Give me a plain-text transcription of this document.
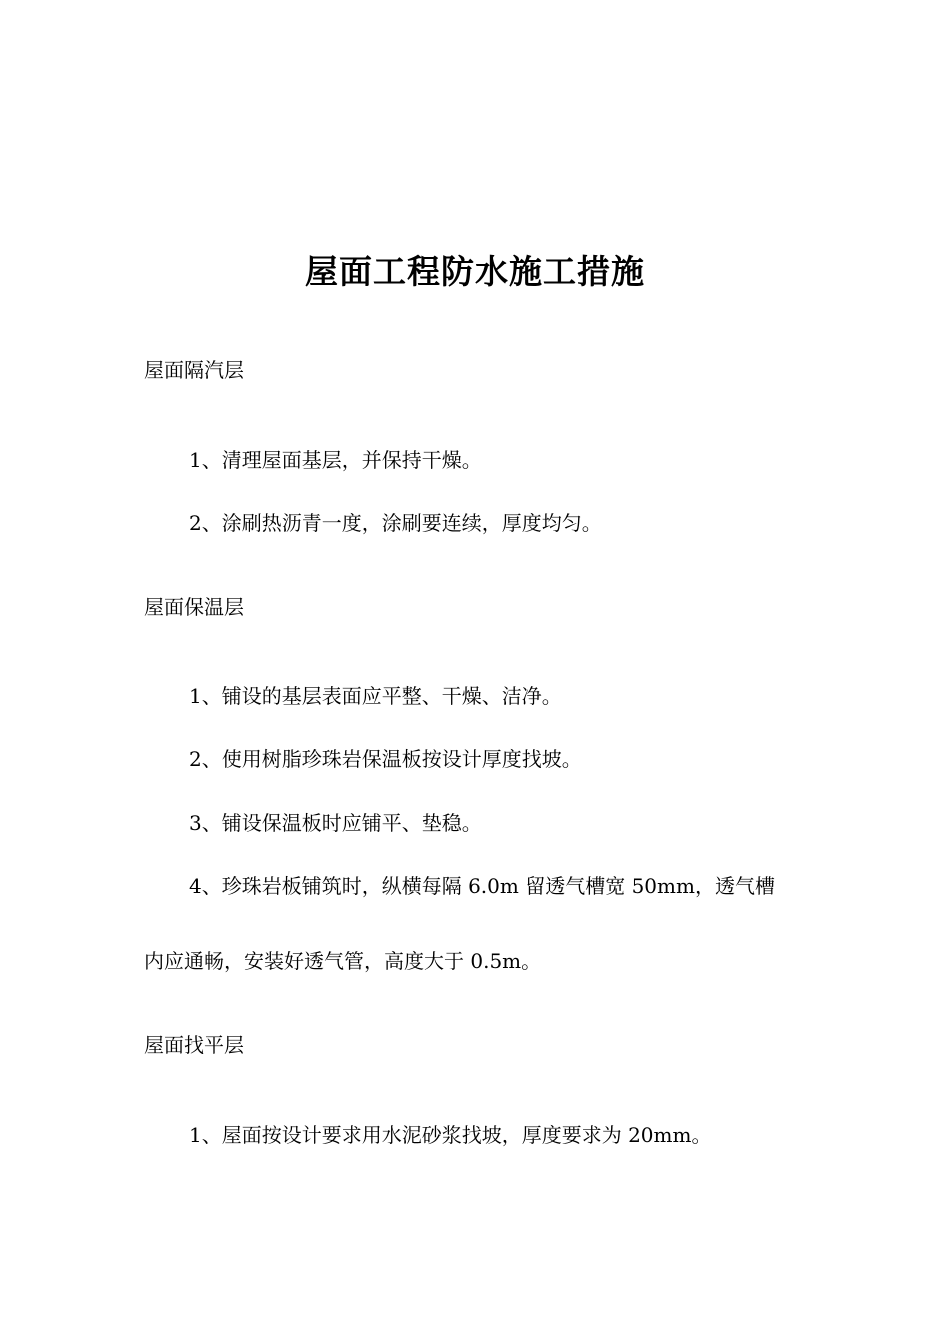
屋面工程防水施工措施
屋面隔汽层
1、清理屋面基层，并保持干燥。
2、涂刷热沥青一度，涂刷要连续，厚度均匀。
屋面保温层
1、铺设的基层表面应平整、干燥、洁净。
2、使用树脂珍珠岩保温板按设计厚度找坡。
3、铺设保温板时应铺平、垫稳。
4、珍珠岩板铺筑时，纵横每隔 6.0m 留透气槽宽 50mm，透气槽
内应通畅，安装好透气管，高度大于 0.5m。
屋面找平层
1、屋面按设计要求用水泥砂浆找坡，厚度要求为 20mm。
